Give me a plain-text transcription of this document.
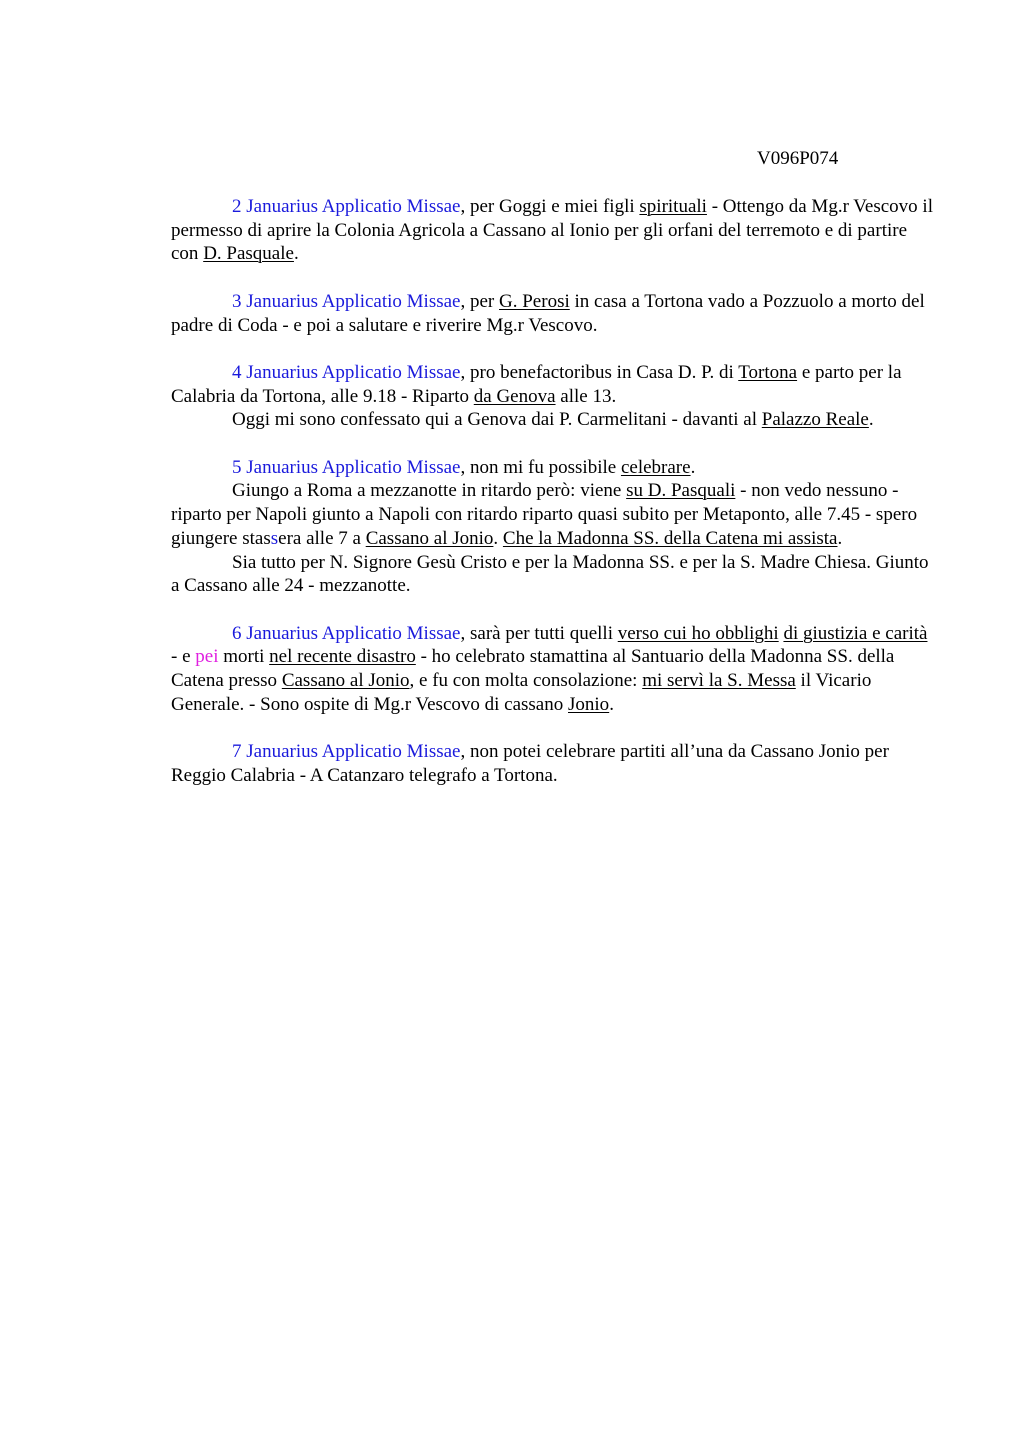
V096P074

2 Januarius Applicatio Missae, per Goggi e miei figli spirituali - Ottengo da Mg.r Vescovo il permesso di aprire la Colonia Agricola a Cassano al Ionio per gli orfani del terremoto e di partire con D. Pasquale.

3 Januarius Applicatio Missae, per G. Perosi in casa a Tortona vado a Pozzuolo a morto del padre di Coda - e poi a salutare e riverire Mg.r Vescovo.

4 Januarius Applicatio Missae, pro benefactoribus in Casa D. P. di Tortona e parto per la Calabria da Tortona, alle 9.18 - Riparto da Genova alle 13.

Oggi mi sono confessato qui a Genova dai P. Carmelitani - davanti al Palazzo Reale.

5 Januarius Applicatio Missae, non mi fu possibile celebrare.

Giungo a Roma a mezzanotte in ritardo però: viene su D. Pasquali - non vedo nessuno - riparto per Napoli giunto a Napoli con ritardo riparto quasi subito per Metaponto, alle 7.45 - spero giungere stassera alle 7 a Cassano al Jonio. Che la Madonna SS. della Catena mi assista.

Sia tutto per N. Signore Gesù Cristo e per la Madonna SS. e per la S. Madre Chiesa. Giunto a Cassano alle 24 - mezzanotte.

6 Januarius Applicatio Missae, sarà per tutti quelli verso cui ho obblighi di giustizia e carità - e pei morti nel recente disastro - ho celebrato stamattina al Santuario della Madonna SS. della Catena presso Cassano al Jonio, e fu con molta consolazione: mi servì la S. Messa il Vicario Generale. - Sono ospite di Mg.r Vescovo di cassano Jonio.

7 Januarius Applicatio Missae, non potei celebrare partiti all’una da Cassano Jonio per Reggio Calabria - A Catanzaro telegrafo a Tortona.
